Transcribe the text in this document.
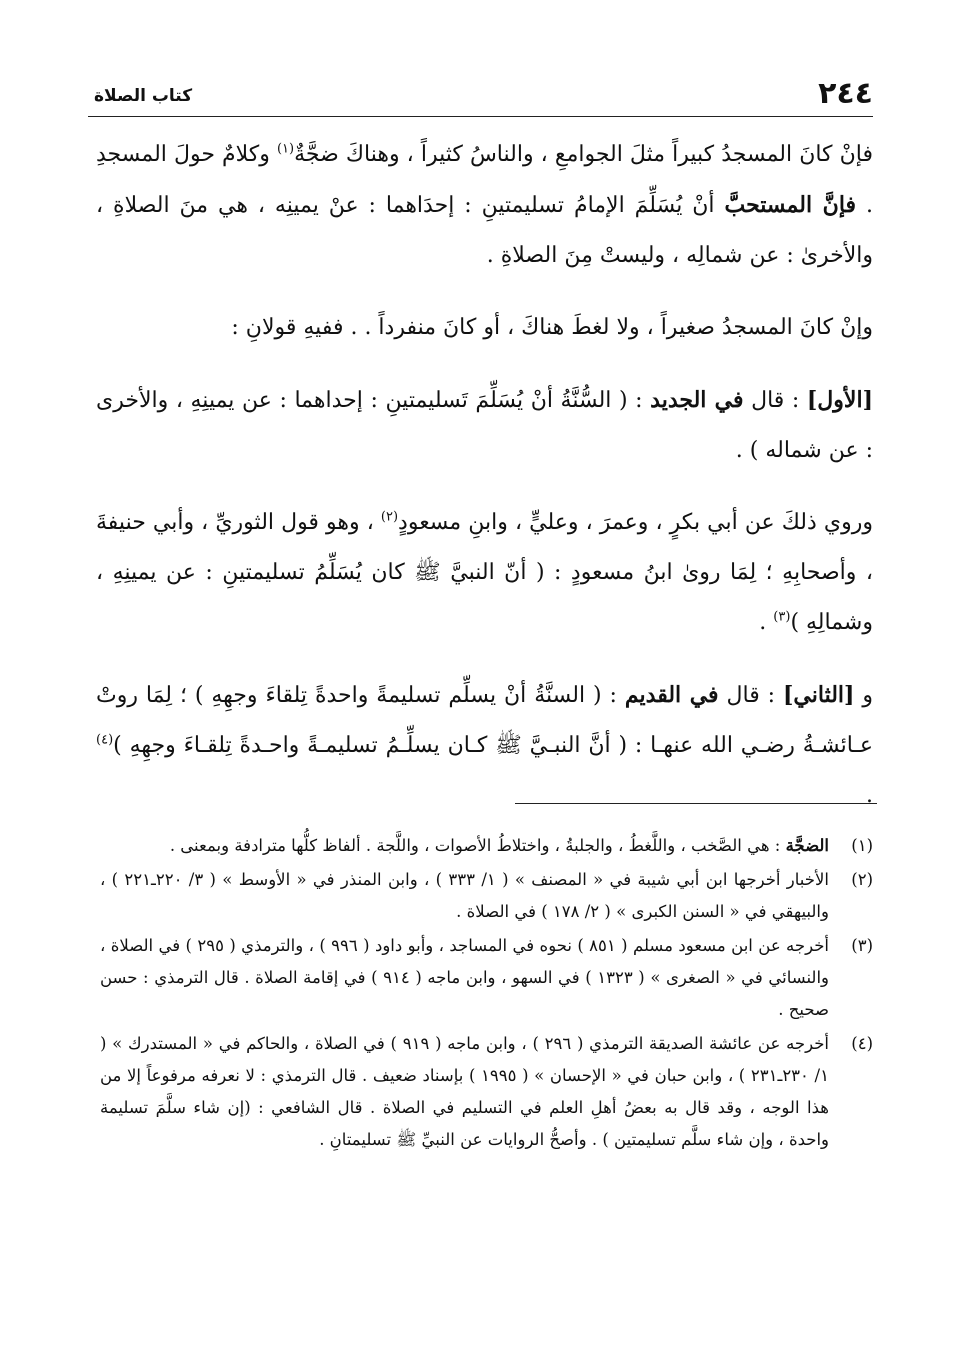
٢٤٤
كتاب الصلاة

فإنْ كانَ المسجدُ كبيراً مثلَ الجوامعِ ، والناسُ كثيراً ، وهناكَ ضجَّةٌ$^{(١)}$ وكلامٌ حولَ المسجدِ . فإنَّ المستحبَّ أنْ يُسَلِّمَ الإمامُ تسليمتينِ : إحدَاهما : عنْ يمينِه ، هي منَ الصلاةِ ، والأخرىٰ : عن شمالِه ، وليستْ مِنَ الصلاةِ .

وإنْ كانَ المسجدُ صغيراً ، ولا لغطَ هناكَ ، أو كانَ منفرداً . . ففيهِ قولانِ :

[الأول] : قال في الجديد : ( السُّنَّةُ أنْ يُسَلِّمَ تَسليمتينِ : إحداهما : عن يمينِهِ ، والأخرى : عن شماله ) .

وروي ذلكَ عن أبي بكرٍ ، وعمرَ ، وعليٍّ ، وابنِ مسعودٍ$^{(٢)}$ ، وهو قول الثوريِّ ، وأبي حنيفةَ ، وأصحابِهِ ؛ لِمَا روىٰ ابنُ مسعودٍ : ( أنّ النبيَّ ﷺ كان يُسَلِّمُ تسليمتينِ : عن يمينِهِ ، وشمالِهِ )$^{(٣)}$ .

و [الثاني] : قال في القديم : ( السنَّةُ أنْ يسلِّم تسليمةً واحدةً تِلقاءَ وجهِهِ ) ؛ لِمَا روتْ عـائشـةُ رضـي الله عنهـا : ( أنَّ النبـيَّ ﷺ كـان يسلِّـمُ تسليمـةً واحـدةً تِلقـاءَ وجهِهِ )$^{(٤)}$ .

(١)
الضجَّة : هي الصَّخب ، واللَّغطُ ، والجلبةُ ، واختلاطُ الأصوات ، واللَّجة . ألفاظ كلُّها مترادفة وبمعنى .
(٢)
الأخبار أخرجها ابن أبي شيبة في « المصنف » ( ١/ ٣٣٣ ) ، وابن المنذر في « الأوسط » ( ٣/ ٢٢٠ـ٢٢١ ) ، والبيهقي في « السنن الكبرى » ( ٢/ ١٧٨ ) في الصلاة .
(٣)
أخرجه عن ابن مسعود مسلم ( ٨٥١ ) نحوه في المساجد ، وأبو داود ( ٩٩٦ ) ، والترمذي ( ٢٩٥ ) في الصلاة ، والنسائي في « الصغرى » ( ١٣٢٣ ) في السهو ، وابن ماجه ( ٩١٤ ) في إقامة الصلاة . قال الترمذي : حسن صحيح .
(٤)
أخرجه عن عائشة الصديقة الترمذي ( ٢٩٦ ) ، وابن ماجه ( ٩١٩ ) في الصلاة ، والحاكم في « المستدرك » ( ١/ ٢٣٠ـ٢٣١ ) ، وابن حبان في « الإحسان » ( ١٩٩٥ ) بإسناد ضعيف . قال الترمذي : لا نعرفه مرفوعاً إلا من هذا الوجه ، وقد قال به بعضُ أهلِ العلم في التسليم في الصلاة . قال الشافعي : (إن شاء سلَّمَ تسليمة واحدة ، وإن شاء سلَّم تسليمتين ) . وأصحُّ الروايات عن النبيِّ ﷺ تسليمتانِ .
